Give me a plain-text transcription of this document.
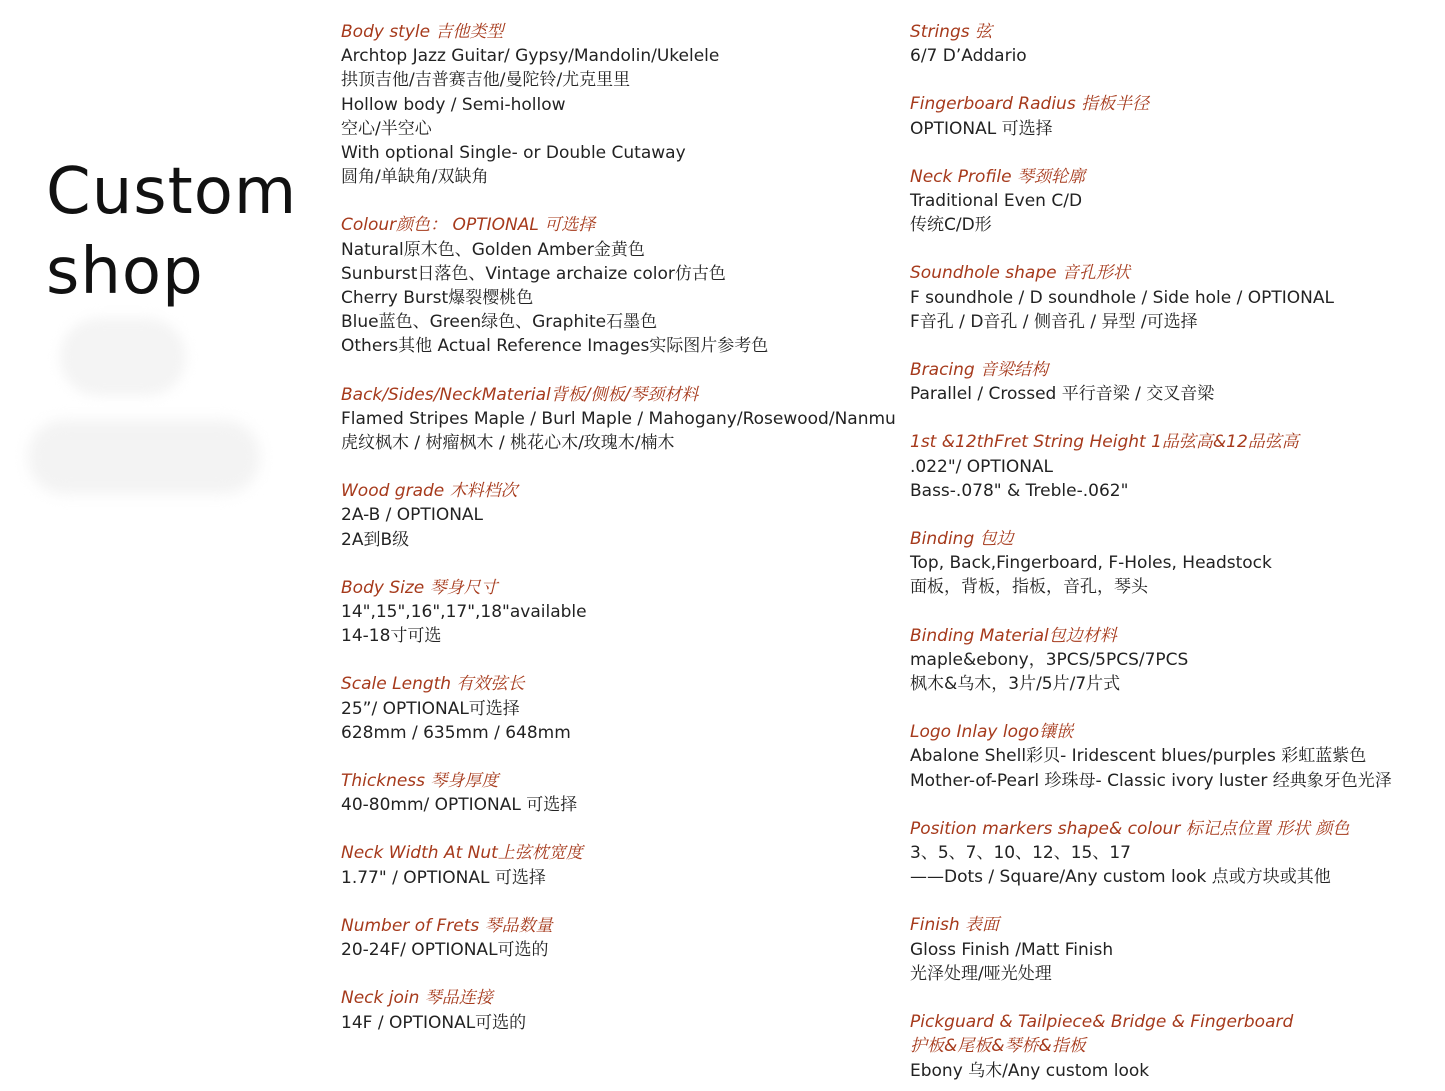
Custom
shop
Body style 吉他类型
Archtop Jazz Guitar/ Gypsy/Mandolin/Ukelele
拱顶吉他/吉普赛吉他/曼陀铃/尤克里里
Hollow body / Semi-hollow
空心/半空心
With optional Single- or Double Cutaway
圆角/单缺角/双缺角
Colour颜色： OPTIONAL 可选择
Natural原木色、Golden Amber金黄色
Sunburst日落色、Vintage archaize color仿古色
Cherry Burst爆裂樱桃色
Blue蓝色、Green绿色、Graphite石墨色
Others其他 Actual Reference Images实际图片参考色
Back/Sides/NeckMaterial背板/侧板/琴颈材料
Flamed Stripes Maple / Burl Maple / Mahogany/Rosewood/Nanmu
虎纹枫木 / 树瘤枫木 / 桃花心木/玫瑰木/楠木
Wood grade 木料档次
2A-B / OPTIONAL
2A到B级
Body Size 琴身尺寸
14",15",16",17",18"available
14-18寸可选
Scale Length 有效弦长
25”/ OPTIONAL可选择
628mm / 635mm / 648mm
Thickness 琴身厚度
40-80mm/ OPTIONAL 可选择
Neck Width At Nut上弦枕宽度
1.77" / OPTIONAL 可选择
Number of Frets 琴品数量
20-24F/ OPTIONAL可选的
Neck join 琴品连接
14F / OPTIONAL可选的
Strings 弦
6/7 D’Addario
Fingerboard Radius 指板半径
OPTIONAL 可选择
Neck Profile 琴颈轮廓
Traditional Even C/D
传统C/D形
Soundhole shape 音孔形状
F soundhole / D soundhole / Side hole / OPTIONAL
F音孔 / D音孔 / 侧音孔 / 异型 /可选择
Bracing 音梁结构
Parallel / Crossed 平行音梁 / 交叉音梁
1st &12thFret String Height 1品弦高&12品弦高
.022"/ OPTIONAL
Bass-.078" & Treble-.062"
Binding 包边
Top, Back,Fingerboard, F-Holes, Headstock
面板，背板，指板，音孔，琴头
Binding Material包边材料
maple&ebony，3PCS/5PCS/7PCS
枫木&乌木，3片/5片/7片式
Logo Inlay logo镶嵌
Abalone Shell彩贝- Iridescent blues/purples 彩虹蓝紫色
Mother-of-Pearl 珍珠母- Classic ivory luster 经典象牙色光泽
Position markers shape& colour 标记点位置 形状 颜色
3、5、7、10、12、15、17
——Dots / Square/Any custom look 点或方块或其他
Finish 表面
Gloss Finish /Matt Finish
光泽处理/哑光处理
Pickguard & Tailpiece& Bridge & Fingerboard
护板&尾板&琴桥&指板
Ebony 乌木/Any custom look
